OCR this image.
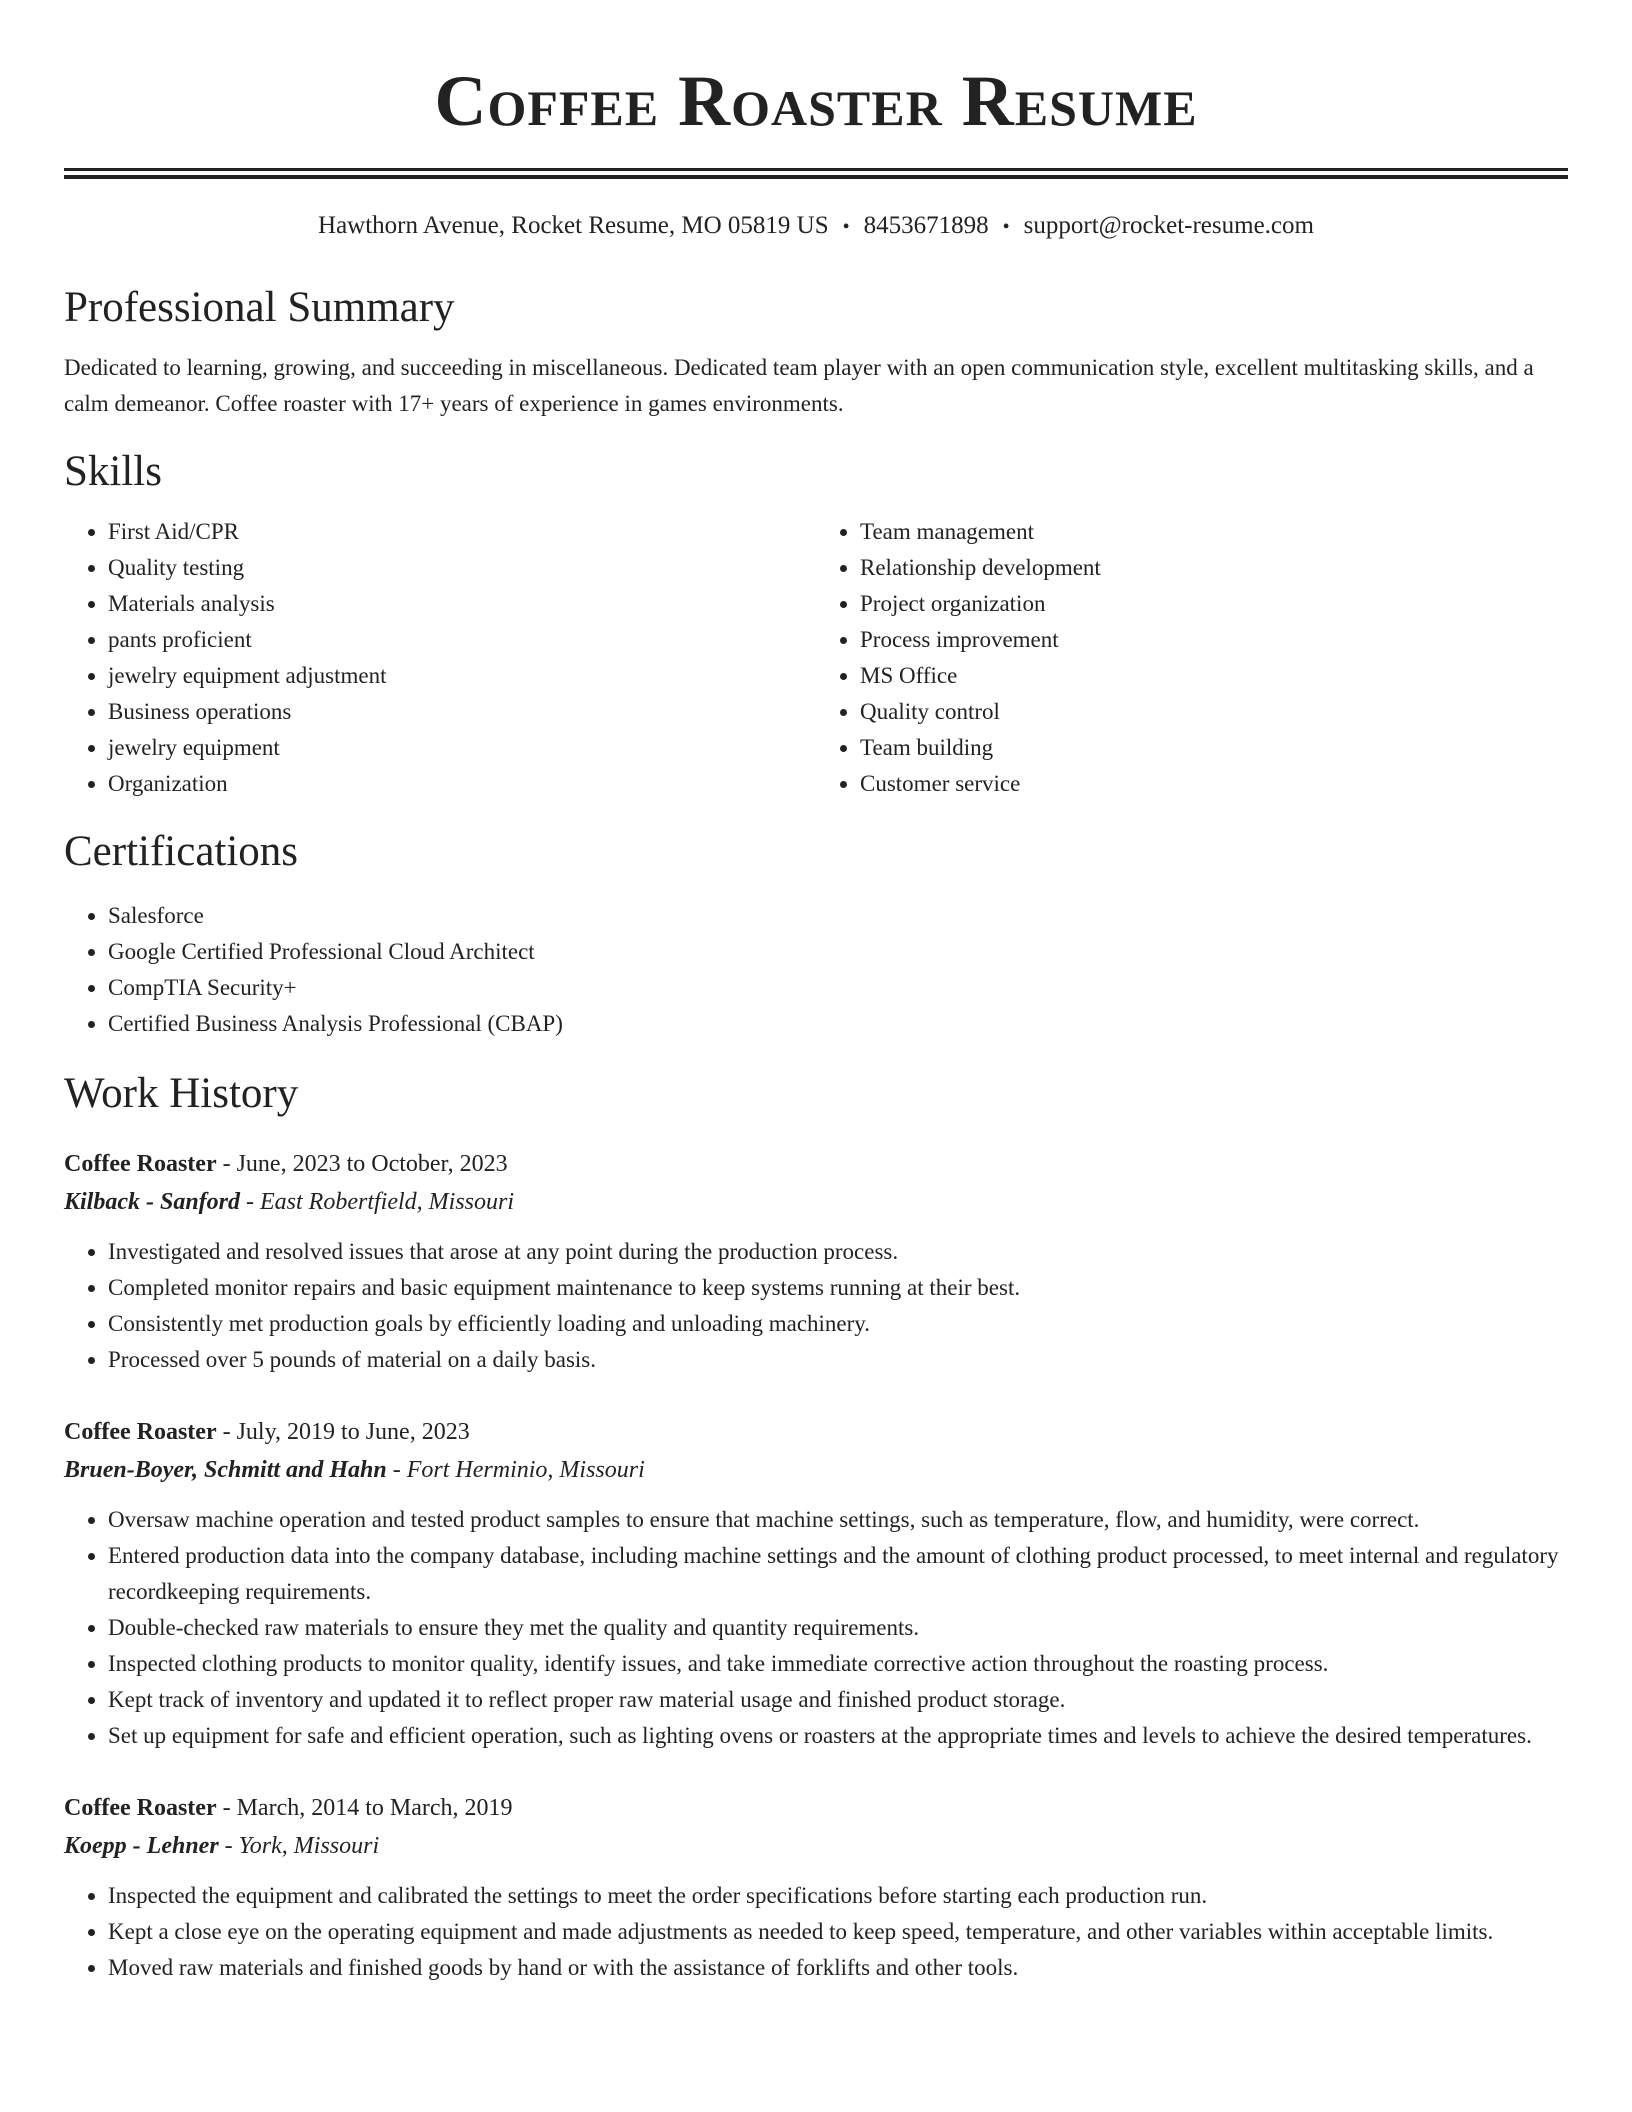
Coffee Roaster Resume
Hawthorn Avenue, Rocket Resume, MO 05819 US • 8453671898 • support@rocket-resume.com
Professional Summary
Dedicated to learning, growing, and succeeding in miscellaneous. Dedicated team player with an open communication style, excellent multitasking skills, and a calm demeanor. Coffee roaster with 17+ years of experience in games environments.
Skills
• First Aid/CPR
• Quality testing
• Materials analysis
• pants proficient
• jewelry equipment adjustment
• Business operations
• jewelry equipment
• Organization
• Team management
• Relationship development
• Project organization
• Process improvement
• MS Office
• Quality control
• Team building
• Customer service
Certifications
• Salesforce
• Google Certified Professional Cloud Architect
• CompTIA Security+
• Certified Business Analysis Professional (CBAP)
Work History
Coffee Roaster - June, 2023 to October, 2023
Kilback - Sanford - East Robertfield, Missouri
• Investigated and resolved issues that arose at any point during the production process.
• Completed monitor repairs and basic equipment maintenance to keep systems running at their best.
• Consistently met production goals by efficiently loading and unloading machinery.
• Processed over 5 pounds of material on a daily basis.
Coffee Roaster - July, 2019 to June, 2023
Bruen-Boyer, Schmitt and Hahn - Fort Herminio, Missouri
• Oversaw machine operation and tested product samples to ensure that machine settings, such as temperature, flow, and humidity, were correct.
• Entered production data into the company database, including machine settings and the amount of clothing product processed, to meet internal and regulatory recordkeeping requirements.
• Double-checked raw materials to ensure they met the quality and quantity requirements.
• Inspected clothing products to monitor quality, identify issues, and take immediate corrective action throughout the roasting process.
• Kept track of inventory and updated it to reflect proper raw material usage and finished product storage.
• Set up equipment for safe and efficient operation, such as lighting ovens or roasters at the appropriate times and levels to achieve the desired temperatures.
Coffee Roaster - March, 2014 to March, 2019
Koepp - Lehner - York, Missouri
• Inspected the equipment and calibrated the settings to meet the order specifications before starting each production run.
• Kept a close eye on the operating equipment and made adjustments as needed to keep speed, temperature, and other variables within acceptable limits.
• Moved raw materials and finished goods by hand or with the assistance of forklifts and other tools.
